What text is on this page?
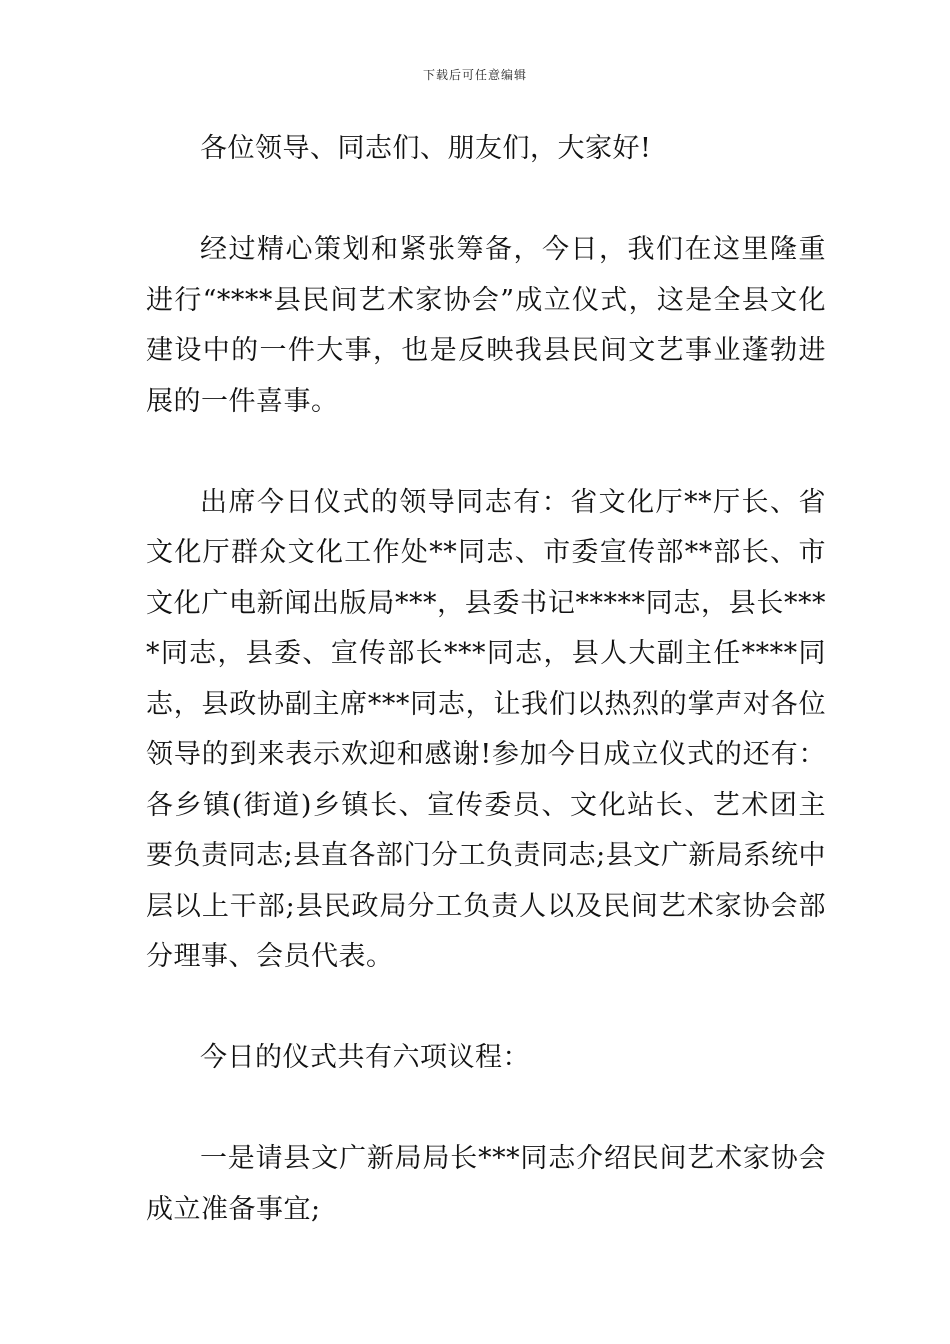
下载后可任意编辑

各位领导、同志们、朋友们，大家好!

经过精心策划和紧张筹备，今日，我们在这里隆重进行“****县民间艺术家协会”成立仪式，这是全县文化建设中的一件大事，也是反映我县民间文艺事业蓬勃进展的一件喜事。

出席今日仪式的领导同志有：省文化厅**厅长、省文化厅群众文化工作处**同志、市委宣传部**部长、市文化广电新闻出版局***，县委书记*****同志，县长****同志，县委、宣传部长***同志，县人大副主任****同志，县政协副主席***同志，让我们以热烈的掌声对各位领导的到来表示欢迎和感谢!参加今日成立仪式的还有：各乡镇(街道)乡镇长、宣传委员、文化站长、艺术团主要负责同志;县直各部门分工负责同志;县文广新局系统中层以上干部;县民政局分工负责人以及民间艺术家协会部分理事、会员代表。

今日的仪式共有六项议程：

一是请县文广新局局长***同志介绍民间艺术家协会成立准备事宜;
